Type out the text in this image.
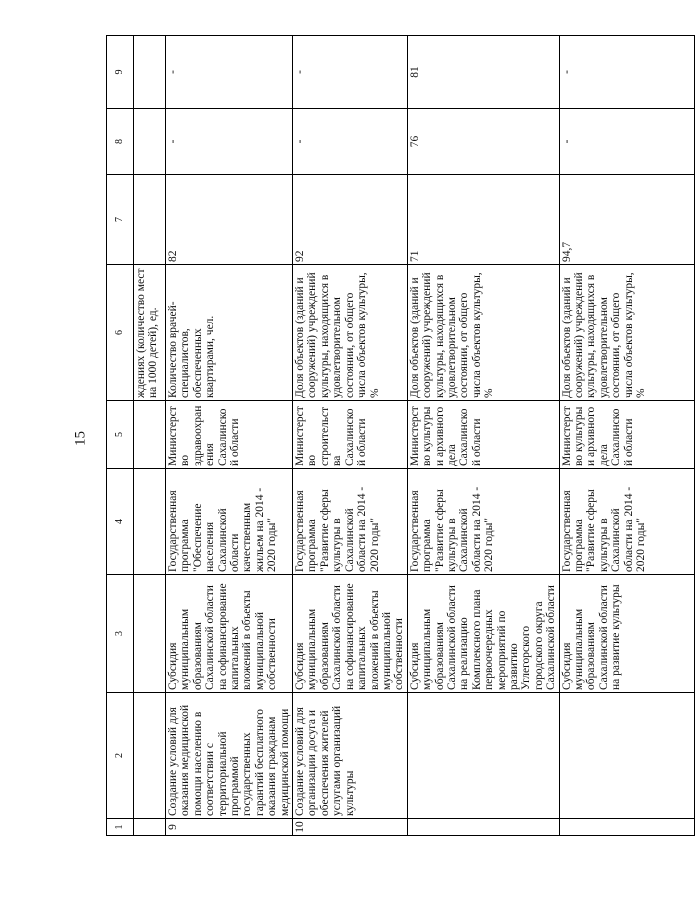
15
1	2	3	4	5	6	7	8	9
					ждениях (количество мест на 1000 детей), ед.			
9	Создание условий для оказания медицинской помощи населению в соответствии с территориальной программой государственных гарантий бесплатного оказания гражданам медицинской помощи	Субсидия муниципальным образованиям Сахалинской области на софинансирование капитальных вложений в объекты муниципальной собственности	Государственная программа "Обеспечение населения Сахалинской области качественным жильем на 2014 - 2020 годы"	Министерство здравоохранения Сахалинской области	Количество врачей-специалистов, обеспеченных квартирами, чел.	82	-	-
10	Создание условий для организации досуга и обеспечения жителей услугами организаций культуры	Субсидия муниципальным образованиям Сахалинской области на софинансирование капитальных вложений в объекты муниципальной собственности	Государственная программа "Развитие сферы культуры в Сахалинской области на 2014 - 2020 годы"	Министерство строительства Сахалинской области	Доля объектов (зданий и сооружений) учреждений культуры, находящихся в удовлетворительном состоянии, от общего числа объектов культуры, %	92	-	-
		Субсидия муниципальным образованиям Сахалинской области на реализацию Комплексного плана первоочередных мероприятий по развитию Углегорского городского округа Сахалинской области	Государственная программа "Развитие сферы культуры в Сахалинской области на 2014 - 2020 годы"	Министерство культуры и архивного дела Сахалинской области	Доля объектов (зданий и сооружений) учреждений культуры, находящихся в удовлетворительном состоянии, от общего числа объектов культуры, %	71	76	81
		Субсидия муниципальным образованиям Сахалинской области на развитие культуры	Государственная программа "Развитие сферы культуры в Сахалинской области на 2014 - 2020 годы"	Министерство культуры и архивного дела Сахалинской области	Доля объектов (зданий и сооружений) учреждений культуры, находящихся в удовлетворительном состоянии, от общего числа объектов культуры, %	94,7	-	-
